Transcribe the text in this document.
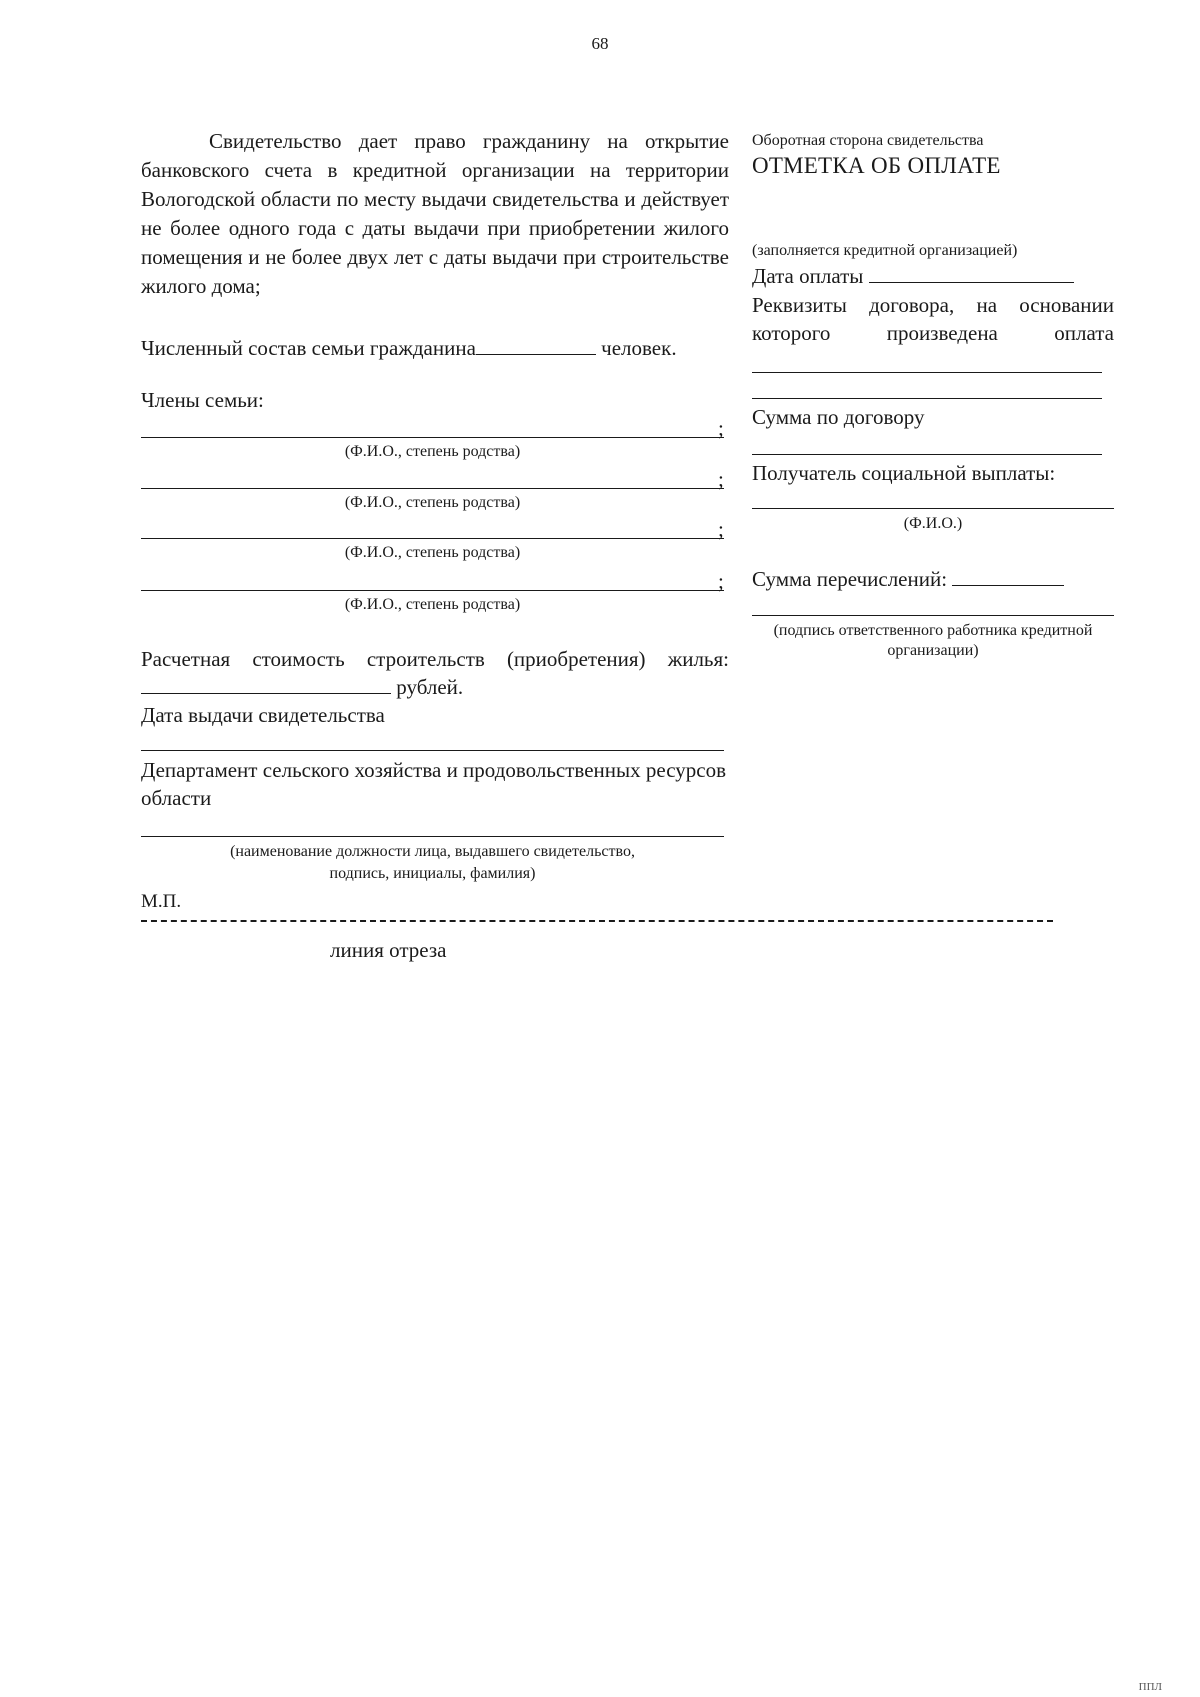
68
Свидетельство дает право гражданину на открытие банковского счета в кредитной организации на территории Вологодской области по месту выдачи свидетельства и действует не более одного года с даты выдачи при приобретении жилого помещения и не более двух лет с даты выдачи при строительстве жилого дома;
Численный состав семьи гражданина	человек.
Члены семьи:
;
(Ф.И.О., степень родства)
;
(Ф.И.О., степень родства)
;
(Ф.И.О., степень родства)
;
(Ф.И.О., степень родства)
Расчетная стоимость строительств (приобретения) жилья:  рублей.
Дата выдачи свидетельства
Департамент сельского хозяйства и продовольственных ресурсов области
(наименование должности лица, выдавшего свидетельство,
подпись, инициалы, фамилия)
М.П.
Оборотная сторона свидетельства
ОТМЕТКА ОБ ОПЛАТЕ
(заполняется кредитной организацией)
Дата оплаты
Реквизиты договора, на основании которого произведена оплата
Сумма по договору
Получатель социальной выплаты:
(Ф.И.О.)
Сумма перечислений:
(подпись ответственного работника кредитной организации)
линия отреза
ППЛ
